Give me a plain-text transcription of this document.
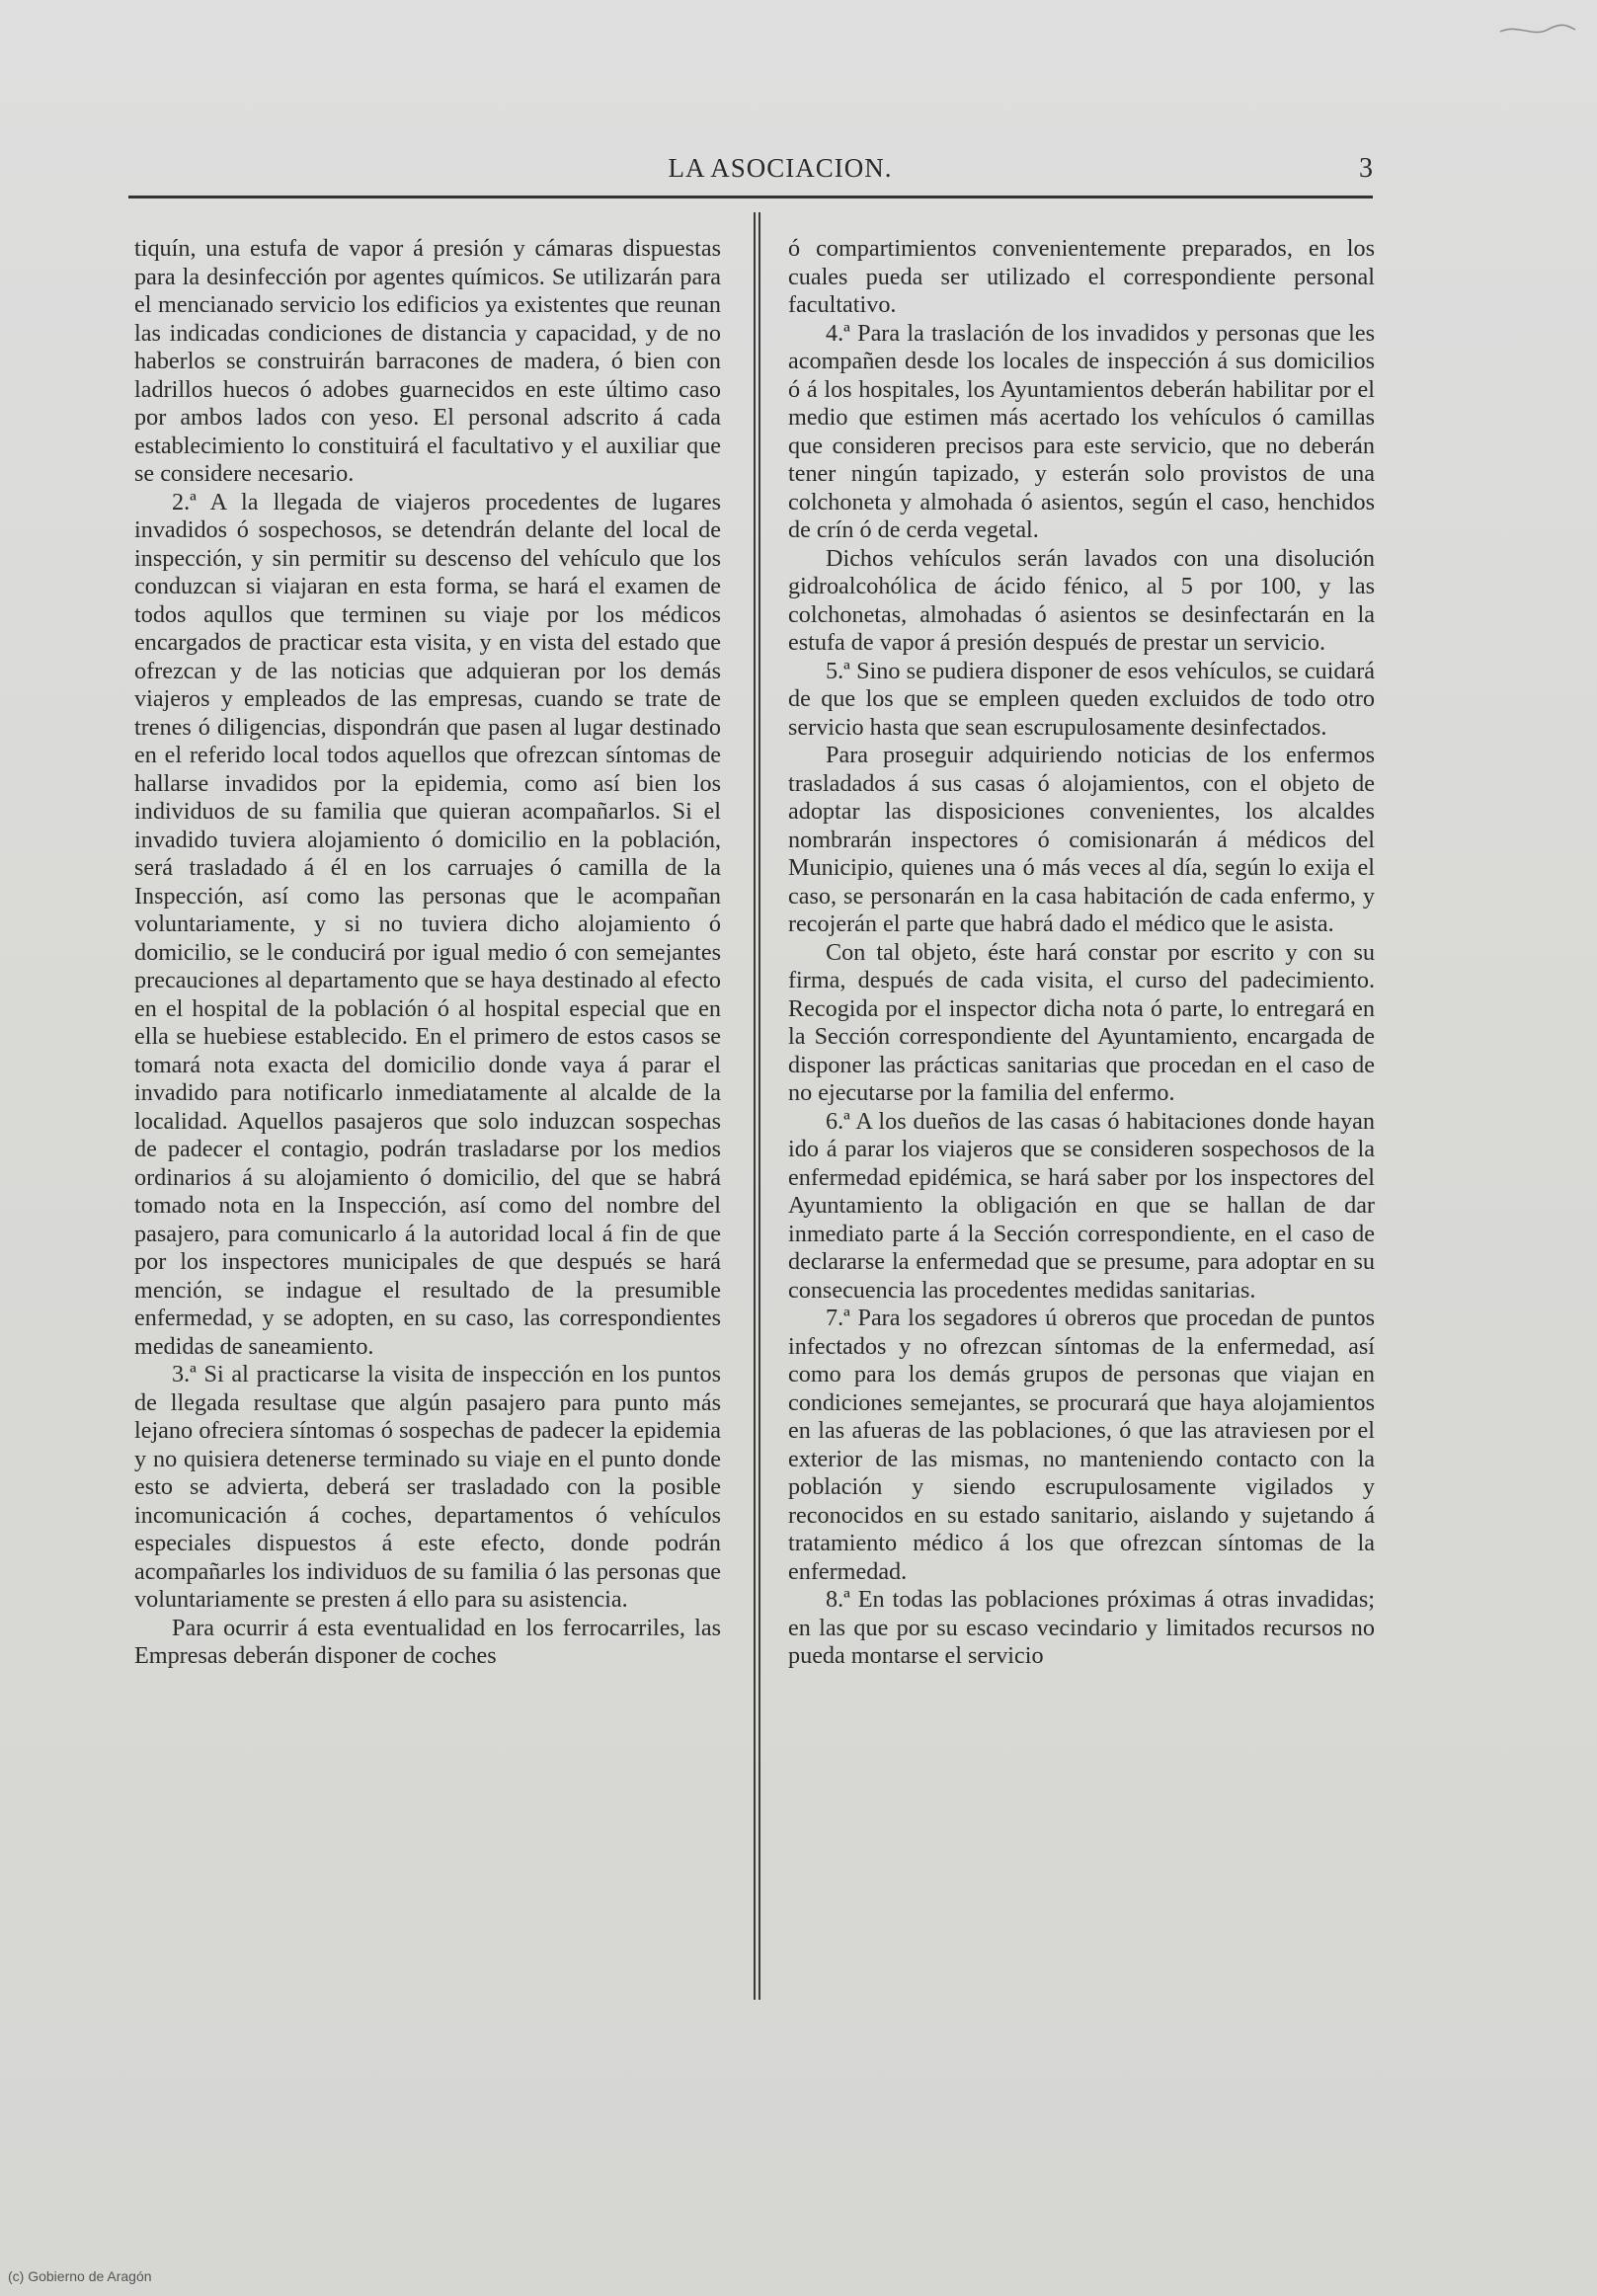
LA ASOCIACION.	3

tiquín, una estufa de vapor á presión y cámaras dispuestas para la desinfección por agentes químicos. Se utilizarán para el mencianado servicio los edificios ya existentes que reunan las indicadas condiciones de distancia y capacidad, y de no haberlos se construirán barracones de madera, ó bien con ladrillos huecos ó adobes guarnecidos en este último caso por ambos lados con yeso. El personal adscrito á cada establecimiento lo constituirá el facultativo y el auxiliar que se considere necesario.

2.ª A la llegada de viajeros procedentes de lugares invadidos ó sospechosos, se detendrán delante del local de inspección, y sin permitir su descenso del vehículo que los conduzcan si viajaran en esta forma, se hará el examen de todos aqullos que terminen su viaje por los médicos encargados de practicar esta visita, y en vista del estado que ofrezcan y de las noticias que adquieran por los demás viajeros y empleados de las empresas, cuando se trate de trenes ó diligencias, dispondrán que pasen al lugar destinado en el referido local todos aquellos que ofrezcan síntomas de hallarse invadidos por la epidemia, como así bien los individuos de su familia que quieran acompañarlos. Si el invadido tuviera alojamiento ó domicilio en la población, será trasladado á él en los carruajes ó camilla de la Inspección, así como las personas que le acompañan voluntariamente, y si no tuviera dicho alojamiento ó domicilio, se le conducirá por igual medio ó con semejantes precauciones al departamento que se haya destinado al efecto en el hospital de la población ó al hospital especial que en ella se huebiese establecido. En el primero de estos casos se tomará nota exacta del domicilio donde vaya á parar el invadido para notificarlo inmediatamente al alcalde de la localidad. Aquellos pasajeros que solo induzcan sospechas de padecer el contagio, podrán trasladarse por los medios ordinarios á su alojamiento ó domicilio, del que se habrá tomado nota en la Inspección, así como del nombre del pasajero, para comunicarlo á la autoridad local á fin de que por los inspectores municipales de que después se hará mención, se indague el resultado de la presumible enfermedad, y se adopten, en su caso, las correspondientes medidas de saneamiento.

3.ª Si al practicarse la visita de inspección en los puntos de llegada resultase que algún pasajero para punto más lejano ofreciera síntomas ó sospechas de padecer la epidemia y no quisiera detenerse terminado su viaje en el punto donde esto se advierta, deberá ser trasladado con la posible incomunicación á coches, departamentos ó vehículos especiales dispuestos á este efecto, donde podrán acompañarles los individuos de su familia ó las personas que voluntariamente se presten á ello para su asistencia.

Para ocurrir á esta eventualidad en los ferrocarriles, las Empresas deberán disponer de coches

ó compartimientos convenientemente preparados, en los cuales pueda ser utilizado el correspondiente personal facultativo.

4.ª Para la traslación de los invadidos y personas que les acompañen desde los locales de inspección á sus domicilios ó á los hospitales, los Ayuntamientos deberán habilitar por el medio que estimen más acertado los vehículos ó camillas que consideren precisos para este servicio, que no deberán tener ningún tapizado, y esterán solo provistos de una colchoneta y almohada ó asientos, según el caso, henchidos de crín ó de cerda vegetal.

Dichos vehículos serán lavados con una disolución gidroalcohólica de ácido fénico, al 5 por 100, y las colchonetas, almohadas ó asientos se desinfectarán en la estufa de vapor á presión después de prestar un servicio.

5.ª Sino se pudiera disponer de esos vehículos, se cuidará de que los que se empleen queden excluidos de todo otro servicio hasta que sean escrupulosamente desinfectados.

Para proseguir adquiriendo noticias de los enfermos trasladados á sus casas ó alojamientos, con el objeto de adoptar las disposiciones convenientes, los alcaldes nombrarán inspectores ó comisionarán á médicos del Municipio, quienes una ó más veces al día, según lo exija el caso, se personarán en la casa habitación de cada enfermo, y recojerán el parte que habrá dado el médico que le asista.

Con tal objeto, éste hará constar por escrito y con su firma, después de cada visita, el curso del padecimiento. Recogida por el inspector dicha nota ó parte, lo entregará en la Sección correspondiente del Ayuntamiento, encargada de disponer las prácticas sanitarias que procedan en el caso de no ejecutarse por la familia del enfermo.

6.ª A los dueños de las casas ó habitaciones donde hayan ido á parar los viajeros que se consideren sospechosos de la enfermedad epidémica, se hará saber por los inspectores del Ayuntamiento la obligación en que se hallan de dar inmediato parte á la Sección correspondiente, en el caso de declararse la enfermedad que se presume, para adoptar en su consecuencia las procedentes medidas sanitarias.

7.ª Para los segadores ú obreros que procedan de puntos infectados y no ofrezcan síntomas de la enfermedad, así como para los demás grupos de personas que viajan en condiciones semejantes, se procurará que haya alojamientos en las afueras de las poblaciones, ó que las atraviesen por el exterior de las mismas, no manteniendo contacto con la población y siendo escrupulosamente vigilados y reconocidos en su estado sanitario, aislando y sujetando á tratamiento médico á los que ofrezcan síntomas de la enfermedad.

8.ª En todas las poblaciones próximas á otras invadidas; en las que por su escaso vecindario y limitados recursos no pueda montarse el servicio

(c) Gobierno de Aragón
